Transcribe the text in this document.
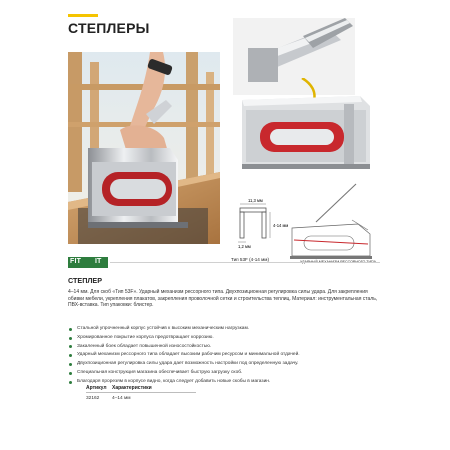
СТЕПЛЕРЫ
11,3 мм
4-14 мм
1,2 мм
Тип 53F (4-14 мм)
FIT IT
СТЕПЛЕР
4–14 мм. Для скоб «Тип 53F». Ударный механизм рессорного типа. Двухпозиционная регулировка силы удара. Для закрепления обивки мебели, укрепления плакатов, закрепления проволочной сетки и строительства теплиц. Материал: инструментальная сталь, ПВХ-вставка. Тип упаковки: блистер.
Стальной упрочненный корпус устойчив к высоким механическим нагрузкам.
Хромированное покрытие корпуса предотвращает коррозию.
Закаленный боек обладает повышенной износостойкостью.
Ударный механизм рессорного типа обладает высоким рабочим ресурсом и минимальной отдачей.
Двухпозиционная регулировка силы удара дает возможность настройки под определенную задачу.
Специальная конструкция магазина обеспечивает быструю загрузку скоб.
Благодаря прорезям в корпусе видно, когда следует добавить новые скобы в магазин.
Артикул Характеристики
32162	4–14 мм
